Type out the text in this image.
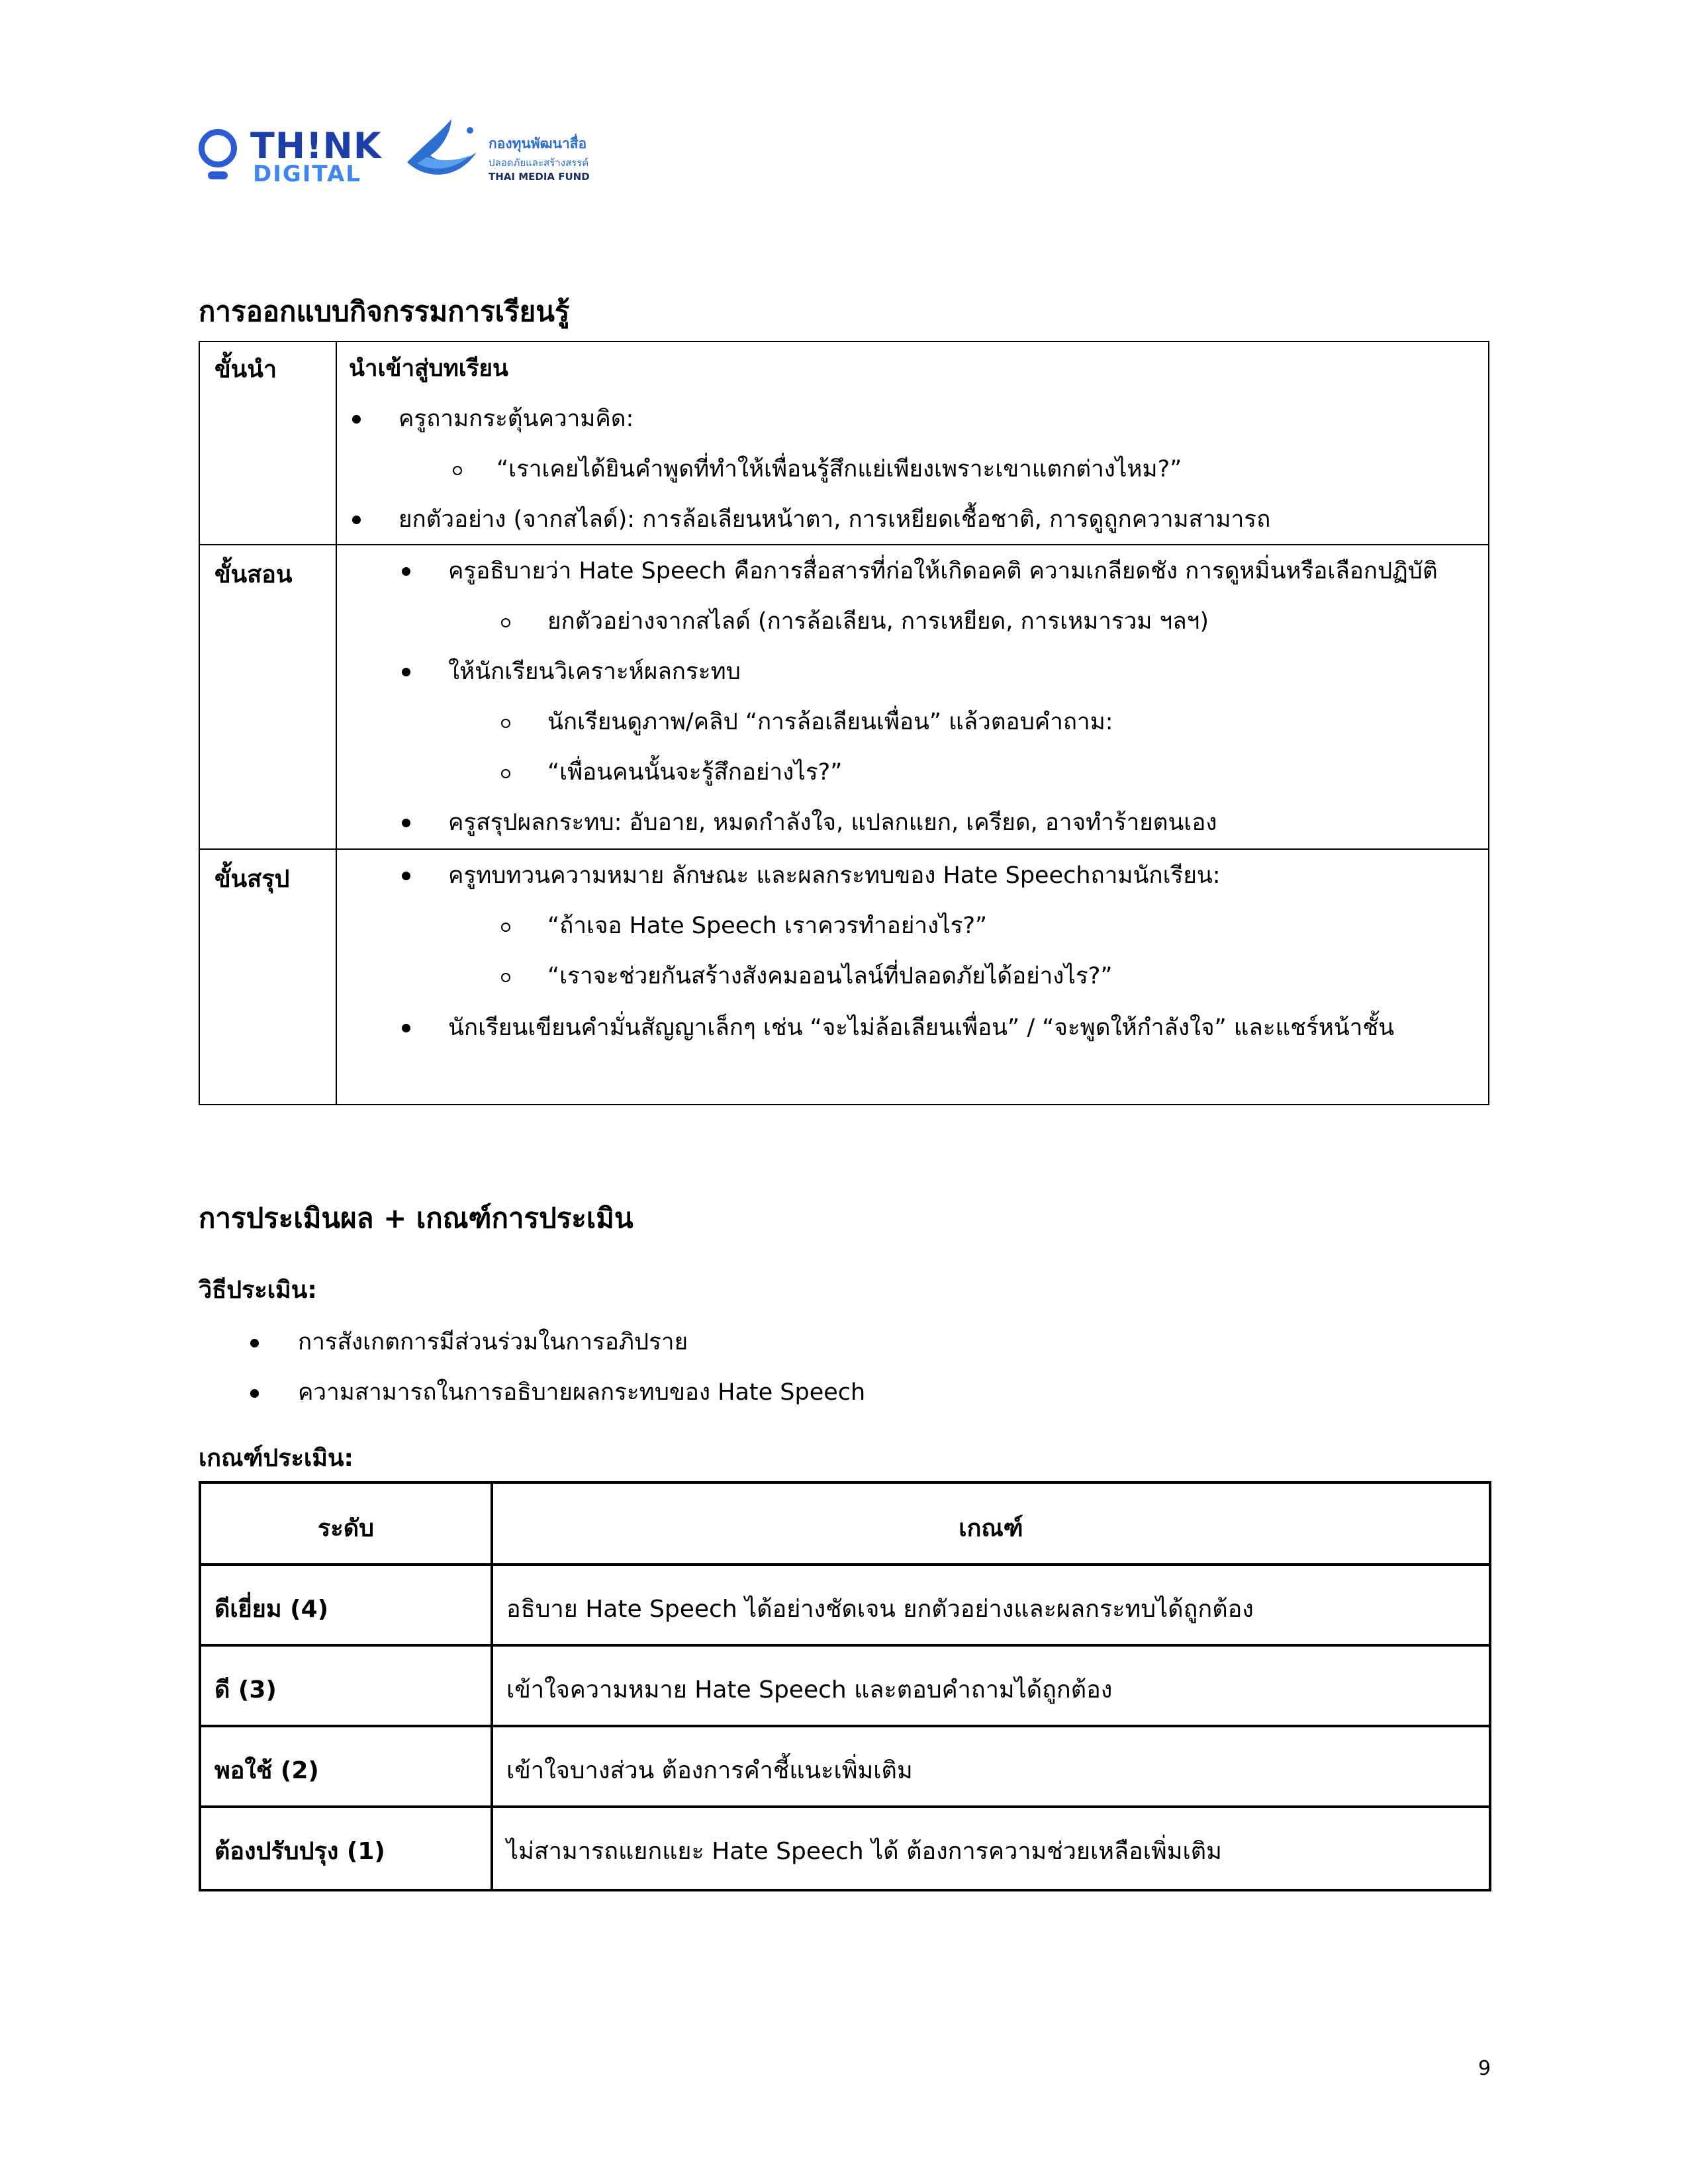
TH!NK
DIGITAL
กองทุนพัฒนาสื่อ
ปลอดภัยและสร้างสรรค์
THAI MEDIA FUND
การออกแบบกิจกรรมการเรียนรู้
ขั้นนำ	นำเข้าสู่บทเรียน
ครูถามกระตุ้นความคิด:
“เราเคยได้ยินคำพูดที่ทำให้เพื่อนรู้สึกแย่เพียงเพราะเขาแตกต่างไหม?”
ยกตัวอย่าง (จากสไลด์): การล้อเลียนหน้าตา, การเหยียดเชื้อชาติ, การดูถูกความสามารถ
ขั้นสอน	ครูอธิบายว่า Hate Speech คือการสื่อสารที่ก่อให้เกิดอคติ ความเกลียดชัง การดูหมิ่นหรือเลือกปฏิบัติ
ยกตัวอย่างจากสไลด์ (การล้อเลียน, การเหยียด, การเหมารวม ฯลฯ)
ให้นักเรียนวิเคราะห์ผลกระทบ
นักเรียนดูภาพ/คลิป “การล้อเลียนเพื่อน” แล้วตอบคำถาม:
“เพื่อนคนนั้นจะรู้สึกอย่างไร?”
ครูสรุปผลกระทบ: อับอาย, หมดกำลังใจ, แปลกแยก, เครียด, อาจทำร้ายตนเอง
ขั้นสรุป	ครูทบทวนความหมาย ลักษณะ และผลกระทบของ Hate Speechถามนักเรียน:
“ถ้าเจอ Hate Speech เราควรทำอย่างไร?”
“เราจะช่วยกันสร้างสังคมออนไลน์ที่ปลอดภัยได้อย่างไร?”
นักเรียนเขียนคำมั่นสัญญาเล็กๆ เช่น “จะไม่ล้อเลียนเพื่อน” / “จะพูดให้กำลังใจ” และแชร์หน้าชั้น
การประเมินผล + เกณฑ์การประเมิน
วิธีประเมิน:
การสังเกตการมีส่วนร่วมในการอภิปราย
ความสามารถในการอธิบายผลกระทบของ Hate Speech
เกณฑ์ประเมิน:
ระดับ	เกณฑ์
ดีเยี่ยม (4)	อธิบาย Hate Speech ได้อย่างชัดเจน ยกตัวอย่างและผลกระทบได้ถูกต้อง
ดี (3)	เข้าใจความหมาย Hate Speech และตอบคำถามได้ถูกต้อง
พอใช้ (2)	เข้าใจบางส่วน ต้องการคำชี้แนะเพิ่มเติม
ต้องปรับปรุง (1)	ไม่สามารถแยกแยะ Hate Speech ได้ ต้องการความช่วยเหลือเพิ่มเติม
9
